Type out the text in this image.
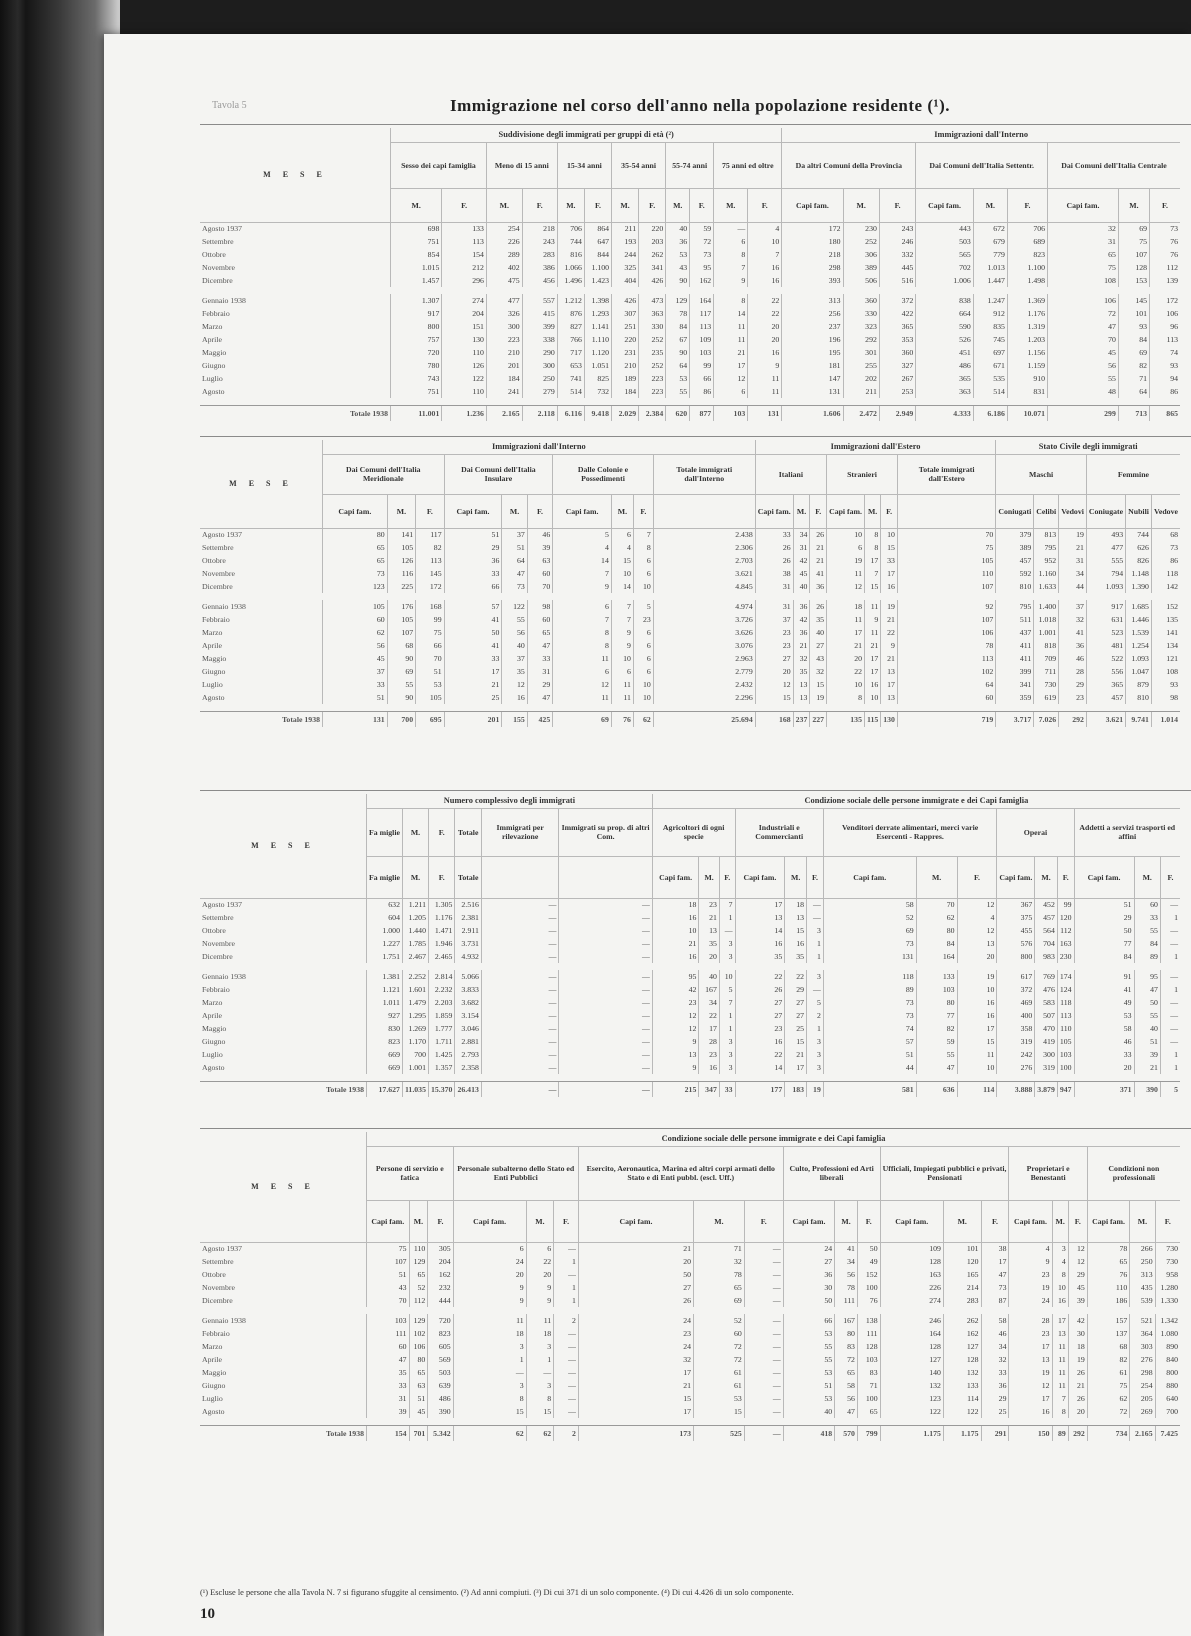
Tavola 5	Immigrazione nel corso dell'anno nella popolazione residente (¹).
M E S E	Suddivisione degli immigrati per gruppi di età (²)												Immigrazioni dall'Interno								
	Sesso dei capi famiglia		Meno di 15 anni		15-34 anni		35-54 anni		55-74 anni		75 anni ed oltre		Da altri Comuni della Provincia			Dai Comuni dell'Italia Settentr.			Dai Comuni dell'Italia Centrale		
	M.	F.	M.	F.	M.	F.	M.	F.	M.	F.	M.	F.	Capi fam.	M.	F.	Capi fam.	M.	F.	Capi fam.	M.	F.
Agosto 1937	698	133	254	218	706	864	211	220	40	59	—	4	172	230	243	443	672	706	32	69	73
Settembre	751	113	226	243	744	647	193	203	36	72	6	10	180	252	246	503	679	689	31	75	76
Ottobre	854	154	289	283	816	844	244	262	53	73	8	7	218	306	332	565	779	823	65	107	76
Novembre	1.015	212	402	386	1.066	1.100	325	341	43	95	7	16	298	389	445	702	1.013	1.100	75	128	112
Dicembre	1.457	296	475	456	1.496	1.423	404	426	90	162	9	16	393	506	516	1.006	1.447	1.498	108	153	139

Gennaio 1938	1.307	274	477	557	1.212	1.398	426	473	129	164	8	22	313	360	372	838	1.247	1.369	106	145	172
Febbraio	917	204	326	415	876	1.293	307	363	78	117	14	22	256	330	422	664	912	1.176	72	101	106
Marzo	800	151	300	399	827	1.141	251	330	84	113	11	20	237	323	365	590	835	1.319	47	93	96
Aprile	757	130	223	338	766	1.110	220	252	67	109	11	20	196	292	353	526	745	1.203	70	84	113
Maggio	720	110	210	290	717	1.120	231	235	90	103	21	16	195	301	360	451	697	1.156	45	69	74
Giugno	780	126	201	300	653	1.051	210	252	64	99	17	9	181	255	327	486	671	1.159	56	82	93
Luglio	743	122	184	250	741	825	189	223	53	66	12	11	147	202	267	365	535	910	55	71	94
Agosto	751	110	241	279	514	732	184	223	55	86	6	11	131	211	253	363	514	831	48	64	86

Totale 1938	11.001	1.236	2.165	2.118	6.116	9.418	2.029	2.384	620	877	103	131	1.606	2.472	2.949	4.333	6.186	10.071	299	713	865
M E S E	Immigrazioni dall'Interno										Immigrazioni dall'Estero							Stato Civile degli immigrati					
	Dai Comuni dell'Italia Meridionale			Dai Comuni dell'Italia Insulare			Dalle Colonie e Possedimenti			Totale immigrati dall'Interno	Italiani			Stranieri			Totale immigrati dall'Estero	Maschi			Femmine		
	Capi fam.	M.	F.	Capi fam.	M.	F.	Capi fam.	M.	F.		Capi fam.	M.	F.	Capi fam.	M.	F.		Coniugati	Celibi	Vedovi	Coniugate	Nubili	Vedove
Agosto 1937	80	141	117	51	37	46	5	6	7	2.438	33	34	26	10	8	10	70	379	813	19	493	744	68
Settembre	65	105	82	29	51	39	4	4	8	2.306	26	31	21	6	8	15	75	389	795	21	477	626	73
Ottobre	65	126	113	36	64	63	14	15	6	2.703	26	42	21	19	17	33	105	457	952	31	555	826	86
Novembre	73	116	145	33	47	60	7	10	6	3.621	38	45	41	11	7	17	110	592	1.160	34	794	1.148	118
Dicembre	123	225	172	66	73	70	9	14	10	4.845	31	40	36	12	15	16	107	810	1.633	44	1.093	1.390	142

Gennaio 1938	105	176	168	57	122	98	6	7	5	4.974	31	36	26	18	11	19	92	795	1.400	37	917	1.685	152
Febbraio	60	105	99	41	55	60	7	7	23	3.726	37	42	35	11	9	21	107	511	1.018	32	631	1.446	135
Marzo	62	107	75	50	56	65	8	9	6	3.626	23	36	40	17	11	22	106	437	1.001	41	523	1.539	141
Aprile	56	68	66	41	40	47	8	9	6	3.076	23	21	27	21	21	9	78	411	818	36	481	1.254	134
Maggio	45	90	70	33	37	33	11	10	6	2.963	27	32	43	20	17	21	113	411	709	46	522	1.093	121
Giugno	37	69	51	17	35	31	6	6	6	2.779	20	35	32	22	17	13	102	399	711	28	556	1.047	108
Luglio	33	55	53	21	12	29	12	11	10	2.432	12	13	15	10	16	17	64	341	730	29	365	879	93
Agosto	51	90	105	25	16	47	11	11	10	2.296	15	13	19	8	10	13	60	359	619	23	457	810	98

Totale 1938	131	700	695	201	155	425	69	76	62	25.694	168	237	227	135	115	130	719	3.717	7.026	292	3.621	9.741	1.014
M E S E	Numero complessivo degli immigrati						Condizione sociale delle persone immigrate e dei Capi famiglia														
	Fa miglie	M.	F.	Totale	Immigrati per rilevazione	Immigrati su prop. di altri Com.	Agricoltori di ogni specie			Industriali e Commercianti			Venditori derrate alimentari, merci varie Esercenti - Rappres.			Operai			Addetti a servizi trasporti ed affini		
	Fa miglie	M.	F.	Totale			Capi fam.	M.	F.	Capi fam.	M.	F.	Capi fam.	M.	F.	Capi fam.	M.	F.	Capi fam.	M.	F.
Agosto 1937	632	1.211	1.305	2.516	—	—	18	23	7	17	18	—	58	70	12	367	452	99	51	60	—
Settembre	604	1.205	1.176	2.381	—	—	16	21	1	13	13	—	52	62	4	375	457	120	29	33	1
Ottobre	1.000	1.440	1.471	2.911	—	—	10	13	—	14	15	3	69	80	12	455	564	112	50	55	—
Novembre	1.227	1.785	1.946	3.731	—	—	21	35	3	16	16	1	73	84	13	576	704	163	77	84	—
Dicembre	1.751	2.467	2.465	4.932	—	—	16	20	3	35	35	1	131	164	20	800	983	230	84	89	1

Gennaio 1938	1.381	2.252	2.814	5.066	—	—	95	40	10	22	22	3	118	133	19	617	769	174	91	95	—
Febbraio	1.121	1.601	2.232	3.833	—	—	42	167	5	26	29	—	89	103	10	372	476	124	41	47	1
Marzo	1.011	1.479	2.203	3.682	—	—	23	34	7	27	27	5	73	80	16	469	583	118	49	50	—
Aprile	927	1.295	1.859	3.154	—	—	12	22	1	27	27	2	73	77	16	400	507	113	53	55	—
Maggio	830	1.269	1.777	3.046	—	—	12	17	1	23	25	1	74	82	17	358	470	110	58	40	—
Giugno	823	1.170	1.711	2.881	—	—	9	28	3	16	15	3	57	59	15	319	419	105	46	51	—
Luglio	669	700	1.425	2.793	—	—	13	23	3	22	21	3	51	55	11	242	300	103	33	39	1
Agosto	669	1.001	1.357	2.358	—	—	9	16	3	14	17	3	44	47	10	276	319	100	20	21	1

Totale 1938	17.627	11.035	15.370	26.413	—	—	215	347	33	177	183	19	581	636	114	3.888	3.879	947	371	390	5
M E S E	Condizione sociale delle persone immigrate e dei Capi famiglia																				
	Persone di servizio e fatica			Personale subalterno dello Stato ed Enti Pubblici			Esercito, Aeronautica, Marina ed altri corpi armati dello Stato e di Enti pubbl. (escl. Uff.)			Culto, Professioni ed Arti liberali			Ufficiali, Impiegati pubblici e privati, Pensionati			Proprietari e Benestanti			Condizioni non professionali		
	Capi fam.	M.	F.	Capi fam.	M.	F.	Capi fam.	M.	F.	Capi fam.	M.	F.	Capi fam.	M.	F.	Capi fam.	M.	F.	Capi fam.	M.	F.
Agosto 1937	75	110	305	6	6	—	21	71	—	24	41	50	109	101	38	4	3	12	78	266	730
Settembre	107	129	204	24	22	1	20	32	—	27	34	49	128	120	17	9	4	12	65	250	730
Ottobre	51	65	162	20	20	—	50	78	—	36	56	152	163	165	47	23	8	29	76	313	958
Novembre	43	52	232	9	9	1	27	65	—	30	78	100	226	214	73	19	10	45	110	435	1.280
Dicembre	70	112	444	9	9	1	26	69	—	50	111	76	274	283	87	24	16	39	186	539	1.330

Gennaio 1938	103	129	720	11	11	2	24	52	—	66	167	138	246	262	58	28	17	42	157	521	1.342
Febbraio	111	102	823	18	18	—	23	60	—	53	80	111	164	162	46	23	13	30	137	364	1.080
Marzo	60	106	605	3	3	—	24	72	—	55	83	128	128	127	34	17	11	18	68	303	890
Aprile	47	80	569	1	1	—	32	72	—	55	72	103	127	128	32	13	11	19	82	276	840
Maggio	35	65	503	—	—	—	17	61	—	53	65	83	140	132	33	19	11	26	61	298	800
Giugno	33	63	639	3	3	—	21	61	—	51	58	71	132	133	36	12	11	21	75	254	880
Luglio	31	51	486	8	8	—	15	53	—	53	56	100	123	114	29	17	7	26	62	205	640
Agosto	39	45	390	15	15	—	17	15	—	40	47	65	122	122	25	16	8	20	72	269	700

Totale 1938	154	701	5.342	62	62	2	173	525	—	418	570	799	1.175	1.175	291	150	89	292	734	2.165	7.425
(¹) Escluse le persone che alla Tavola N. 7 si figurano sfuggite al censimento. (²) Ad anni compiuti. (³) Di cui 371 di un solo componente. (⁴) Di cui 4.426 di un solo componente.
10
